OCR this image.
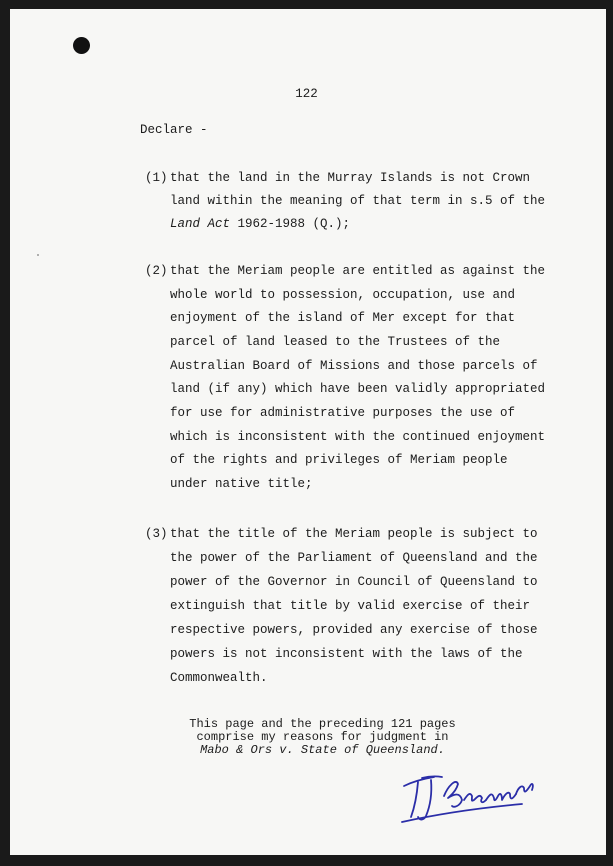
122
Declare -
(1) that the land in the Murray Islands is not Crown
land within the meaning of that term in s.5 of the
Land Act 1962-1988 (Q.);
(2) that the Meriam people are entitled as against the
whole world to possession, occupation, use and
enjoyment of the island of Mer except for that
parcel of land leased to the Trustees of the
Australian Board of Missions and those parcels of
land (if any) which have been validly appropriated
for use for administrative purposes the use of
which is inconsistent with the continued enjoyment
of the rights and privileges of Meriam people
under native title;
(3) that the title of the Meriam people is subject to
the power of the Parliament of Queensland and the
power of the Governor in Council of Queensland to
extinguish that title by valid exercise of their
respective powers, provided any exercise of those
powers is not inconsistent with the laws of the
Commonwealth.
This page and the preceding 121 pages
comprise my reasons for judgment in
Mabo & Ors v. State of Queensland.
